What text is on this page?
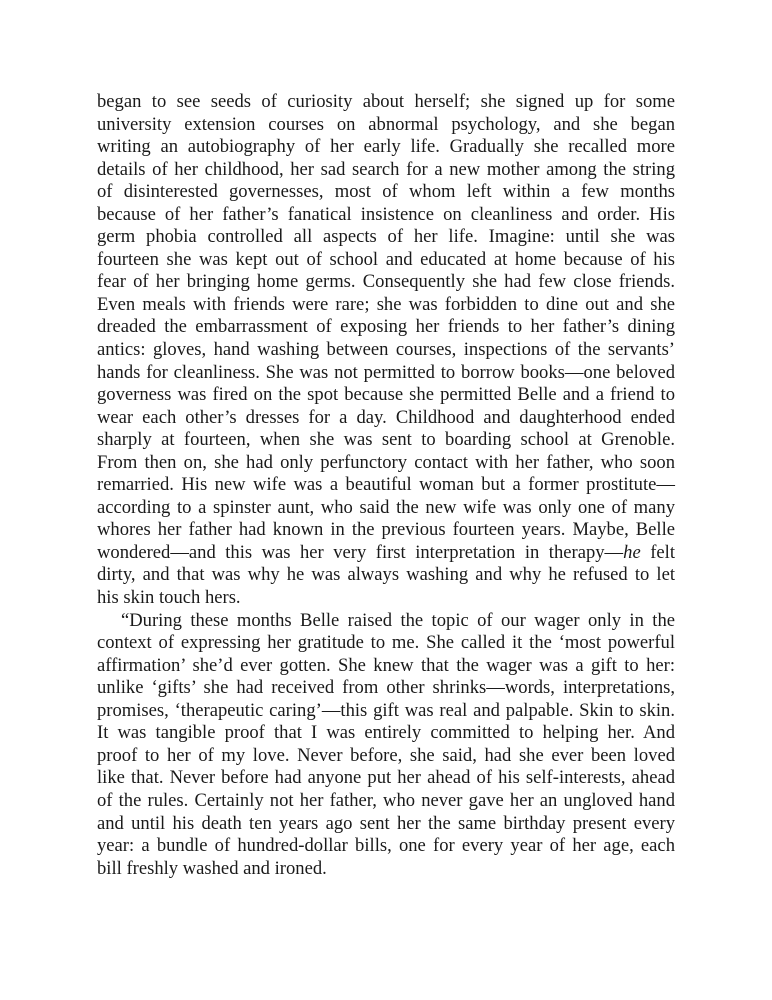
began to see seeds of curiosity about herself; she signed up for some
university extension courses on abnormal psychology, and she began
writing an autobiography of her early life. Gradually she recalled more
details of her childhood, her sad search for a new mother among the string
of disinterested governesses, most of whom left within a few months
because of her father’s fanatical insistence on cleanliness and order. His
germ phobia controlled all aspects of her life. Imagine: until she was
fourteen she was kept out of school and educated at home because of his
fear of her bringing home germs. Consequently she had few close friends.
Even meals with friends were rare; she was forbidden to dine out and she
dreaded the embarrassment of exposing her friends to her father’s dining
antics: gloves, hand washing between courses, inspections of the servants’
hands for cleanliness. She was not permitted to borrow books—one beloved
governess was fired on the spot because she permitted Belle and a friend to
wear each other’s dresses for a day. Childhood and daughterhood ended
sharply at fourteen, when she was sent to boarding school at Grenoble.
From then on, she had only perfunctory contact with her father, who soon
remarried. His new wife was a beautiful woman but a former prostitute—
according to a spinster aunt, who said the new wife was only one of many
whores her father had known in the previous fourteen years. Maybe, Belle
wondered—and this was her very first interpretation in therapy—he felt
dirty, and that was why he was always washing and why he refused to let
his skin touch hers.
“During these months Belle raised the topic of our wager only in the
context of expressing her gratitude to me. She called it the ‘most powerful
affirmation’ she’d ever gotten. She knew that the wager was a gift to her:
unlike ‘gifts’ she had received from other shrinks—words, interpretations,
promises, ‘therapeutic caring’—this gift was real and palpable. Skin to skin.
It was tangible proof that I was entirely committed to helping her. And
proof to her of my love. Never before, she said, had she ever been loved
like that. Never before had anyone put her ahead of his self-interests, ahead
of the rules. Certainly not her father, who never gave her an ungloved hand
and until his death ten years ago sent her the same birthday present every
year: a bundle of hundred-dollar bills, one for every year of her age, each
bill freshly washed and ironed.
